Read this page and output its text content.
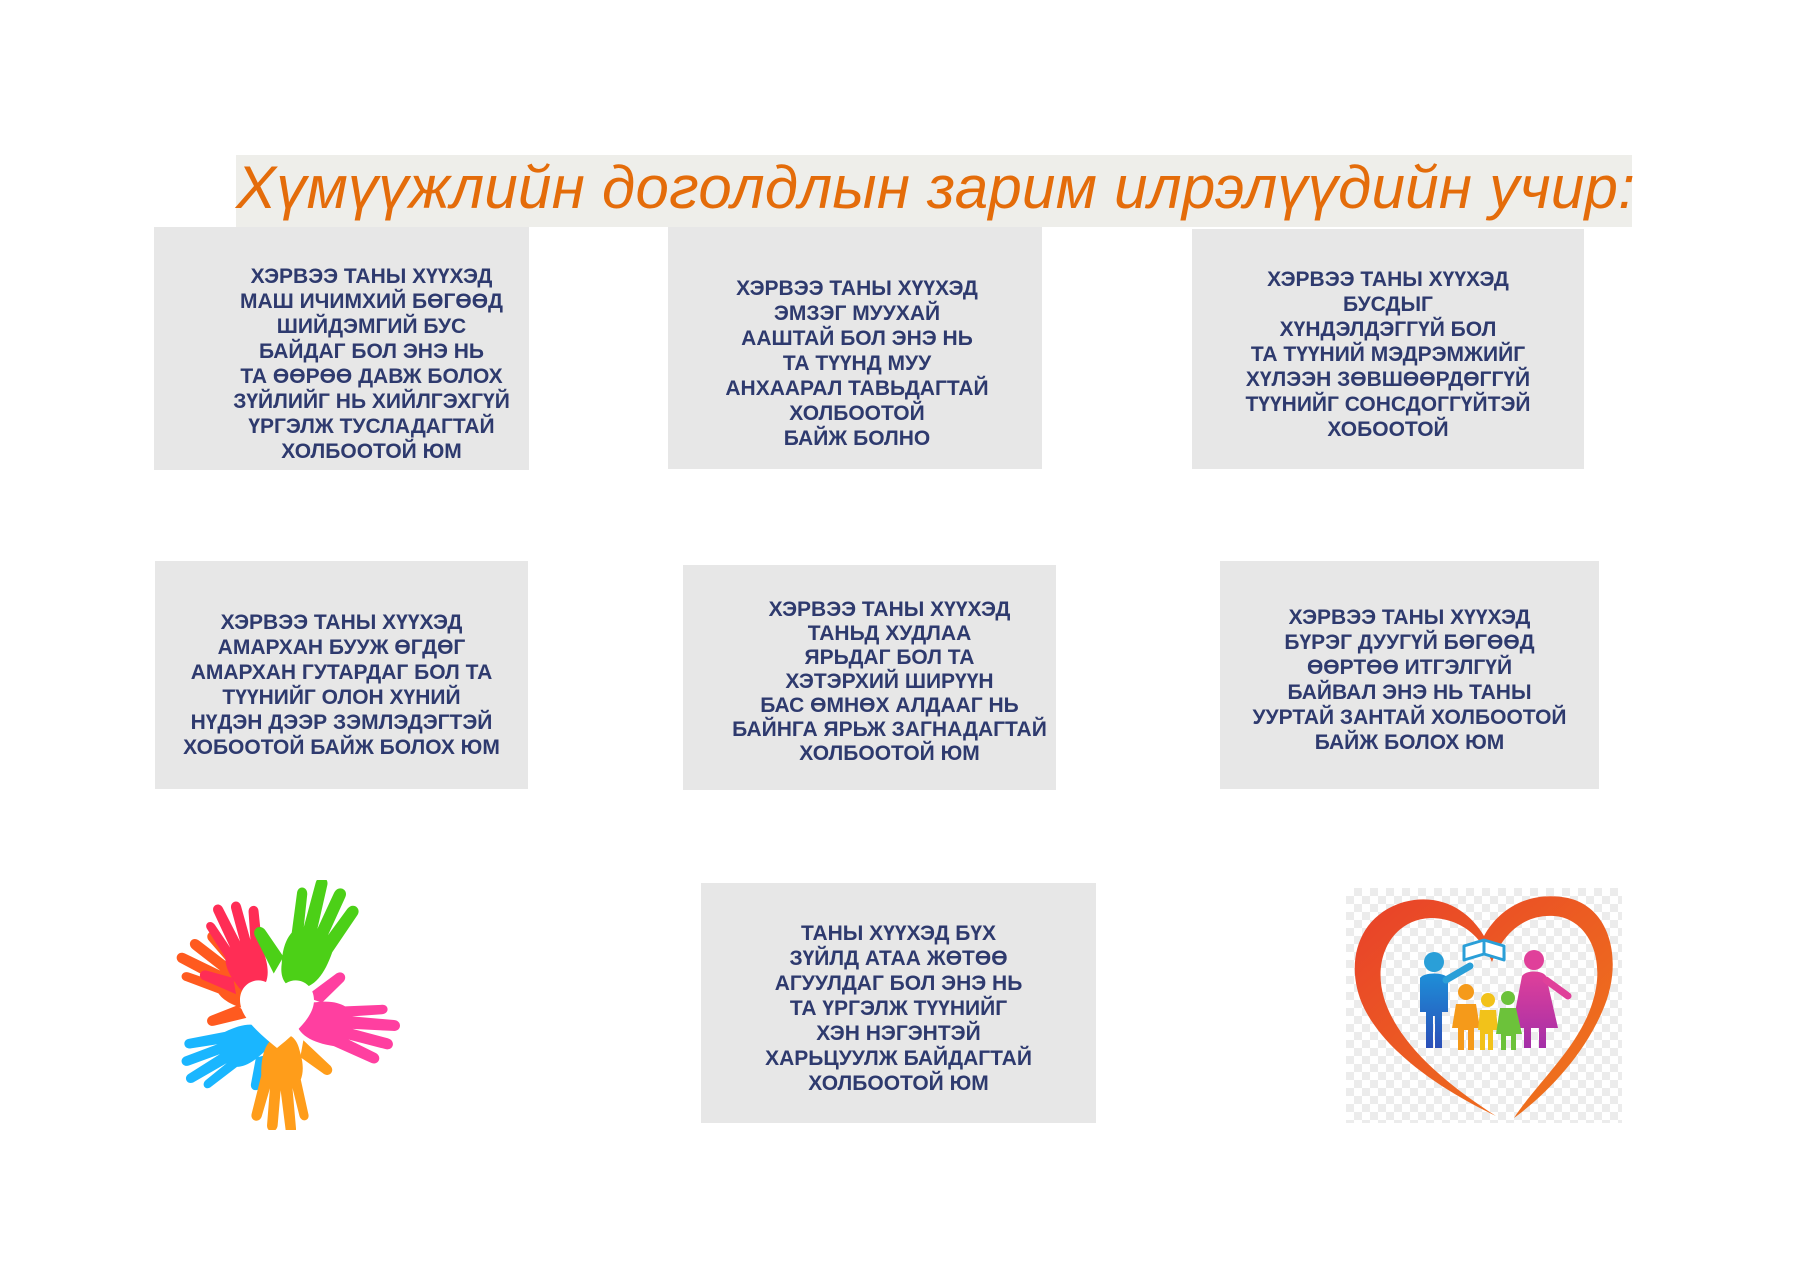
Хүмүүжлийн доголдлын зарим илрэлүүдийн учир:

ХЭРВЭЭ ТАНЫ ХҮҮХЭД
МАШ ИЧИМХИЙ БӨГӨӨД
ШИЙДЭМГИЙ БУС
БАЙДАГ БОЛ ЭНЭ НЬ
ТА ӨӨРӨӨ ДАВЖ БОЛОХ
ЗҮЙЛИЙГ НЬ ХИЙЛГЭХГҮЙ
ҮРГЭЛЖ ТУСЛАДАГТАЙ
ХОЛБООТОЙ ЮМ

ХЭРВЭЭ ТАНЫ ХҮҮХЭД
ЭМЗЭГ МУУХАЙ
ААШТАЙ БОЛ ЭНЭ НЬ
ТА ТҮҮНД МУУ
АНХААРАЛ ТАВЬДАГТАЙ
ХОЛБООТОЙ
БАЙЖ БОЛНО

ХЭРВЭЭ ТАНЫ ХҮҮХЭД
БУСДЫГ
ХҮНДЭЛДЭГГҮЙ БОЛ
ТА ТҮҮНИЙ МЭДРЭМЖИЙГ
ХҮЛЭЭН ЗӨВШӨӨРДӨГГҮЙ
ТҮҮНИЙГ СОНСДОГГҮЙТЭЙ
ХОБООТОЙ

ХЭРВЭЭ ТАНЫ ХҮҮХЭД
АМАРХАН БУУЖ ӨГДӨГ
АМАРХАН ГУТАРДАГ БОЛ ТА
ТҮҮНИЙГ ОЛОН ХҮНИЙ
НҮДЭН ДЭЭР ЗЭМЛЭДЭГТЭЙ
ХОБООТОЙ БАЙЖ БОЛОХ ЮМ

ХЭРВЭЭ ТАНЫ ХҮҮХЭД
ТАНЬД ХУДЛАА
ЯРЬДАГ БОЛ ТА
ХЭТЭРХИЙ ШИРҮҮН
БАС ӨМНӨХ АЛДААГ НЬ
БАЙНГА ЯРЬЖ ЗАГНАДАГТАЙ
ХОЛБООТОЙ ЮМ

ХЭРВЭЭ ТАНЫ ХҮҮХЭД
БҮРЭГ ДУУГҮЙ БӨГӨӨД
ӨӨРТӨӨ ИТГЭЛГҮЙ
БАЙВАЛ ЭНЭ НЬ ТАНЫ
УУРТАЙ ЗАНТАЙ ХОЛБООТОЙ
БАЙЖ БОЛОХ ЮМ

ТАНЫ ХҮҮХЭД БҮХ
ЗҮЙЛД АТАА ЖӨТӨӨ
АГУУЛДАГ БОЛ ЭНЭ НЬ
ТА ҮРГЭЛЖ ТҮҮНИЙГ
ХЭН НЭГЭНТЭЙ
ХАРЬЦУУЛЖ БАЙДАГТАЙ
ХОЛБООТОЙ ЮМ
